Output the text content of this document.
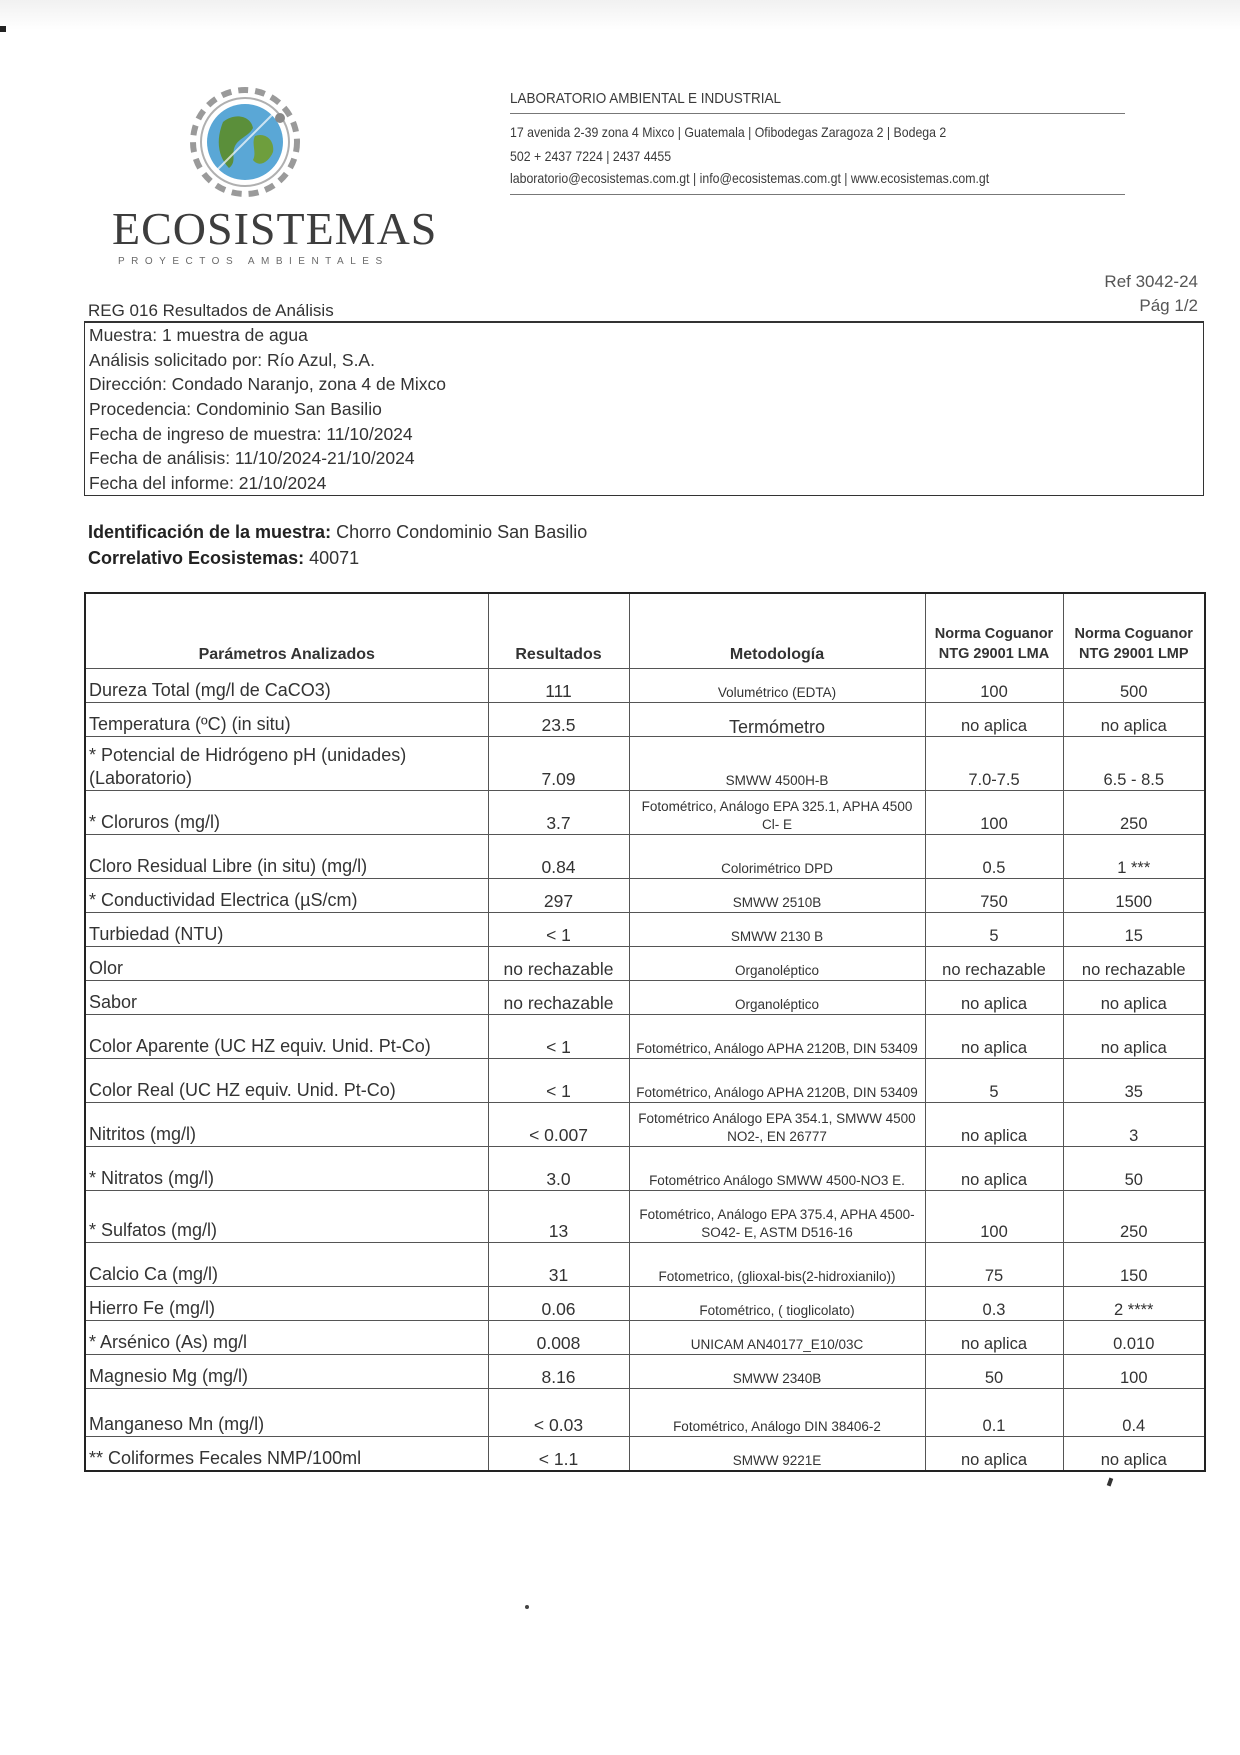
ECOSISTEMAS
PROYECTOS AMBIENTALES
LABORATORIO AMBIENTAL E INDUSTRIAL
17 avenida 2-39 zona 4 Mixco | Guatemala | Ofibodegas Zaragoza 2 | Bodega 2
502 + 2437 7224 | 2437 4455
laboratorio@ecosistemas.com.gt | info@ecosistemas.com.gt | www.ecosistemas.com.gt
Ref 3042-24
Pág 1/2
REG 016 Resultados de Análisis
Muestra: 1 muestra de agua
Análisis solicitado por: Río Azul, S.A.
Dirección: Condado Naranjo, zona 4 de Mixco
Procedencia: Condominio San Basilio
Fecha de ingreso de muestra: 11/10/2024
Fecha de análisis: 11/10/2024-21/10/2024
Fecha del informe: 21/10/2024
Identificación de la muestra: Chorro Condominio San Basilio
Correlativo Ecosistemas: 40071
Parámetros Analizados	Resultados	Metodología	Norma Coguanor NTG 29001 LMA	Norma Coguanor NTG 29001 LMP
Dureza Total (mg/l de CaCO3)	111	Volumétrico (EDTA)	100	500
Temperatura (ºC) (in situ)	23.5	Termómetro	no aplica	no aplica
* Potencial de Hidrógeno pH (unidades) (Laboratorio)	7.09	SMWW 4500H-B	7.0-7.5	6.5 - 8.5
* Cloruros (mg/l)	3.7	Fotométrico, Análogo EPA 325.1, APHA 4500 Cl- E	100	250
Cloro Residual Libre (in situ) (mg/l)	0.84	Colorimétrico DPD	0.5	1 ***
* Conductividad Electrica (µS/cm)	297	SMWW 2510B	750	1500
Turbiedad (NTU)	< 1	SMWW 2130 B	5	15
Olor	no rechazable	Organoléptico	no rechazable	no rechazable
Sabor	no rechazable	Organoléptico	no aplica	no aplica
Color Aparente (UC HZ equiv. Unid. Pt-Co)	< 1	Fotométrico, Análogo APHA 2120B, DIN 53409	no aplica	no aplica
Color Real (UC HZ equiv. Unid. Pt-Co)	< 1	Fotométrico, Análogo APHA 2120B, DIN 53409	5	35
Nitritos (mg/l)	< 0.007	Fotométrico Análogo EPA 354.1, SMWW 4500 NO2-, EN 26777	no aplica	3
* Nitratos (mg/l)	3.0	Fotométrico Análogo SMWW 4500-NO3 E.	no aplica	50
* Sulfatos (mg/l)	13	Fotométrico, Análogo EPA 375.4, APHA 4500-SO42- E, ASTM D516-16	100	250
Calcio Ca (mg/l)	31	Fotometrico, (glioxal-bis(2-hidroxianilo))	75	150
Hierro Fe (mg/l)	0.06	Fotométrico, ( tioglicolato)	0.3	2 ****
* Arsénico (As) mg/l	0.008	UNICAM AN40177_E10/03C	no aplica	0.010
Magnesio Mg (mg/l)	8.16	SMWW 2340B	50	100
Manganeso Mn (mg/l)	< 0.03	Fotométrico, Análogo DIN 38406-2	0.1	0.4
** Coliformes Fecales NMP/100ml	< 1.1	SMWW 9221E	no aplica	no aplica
